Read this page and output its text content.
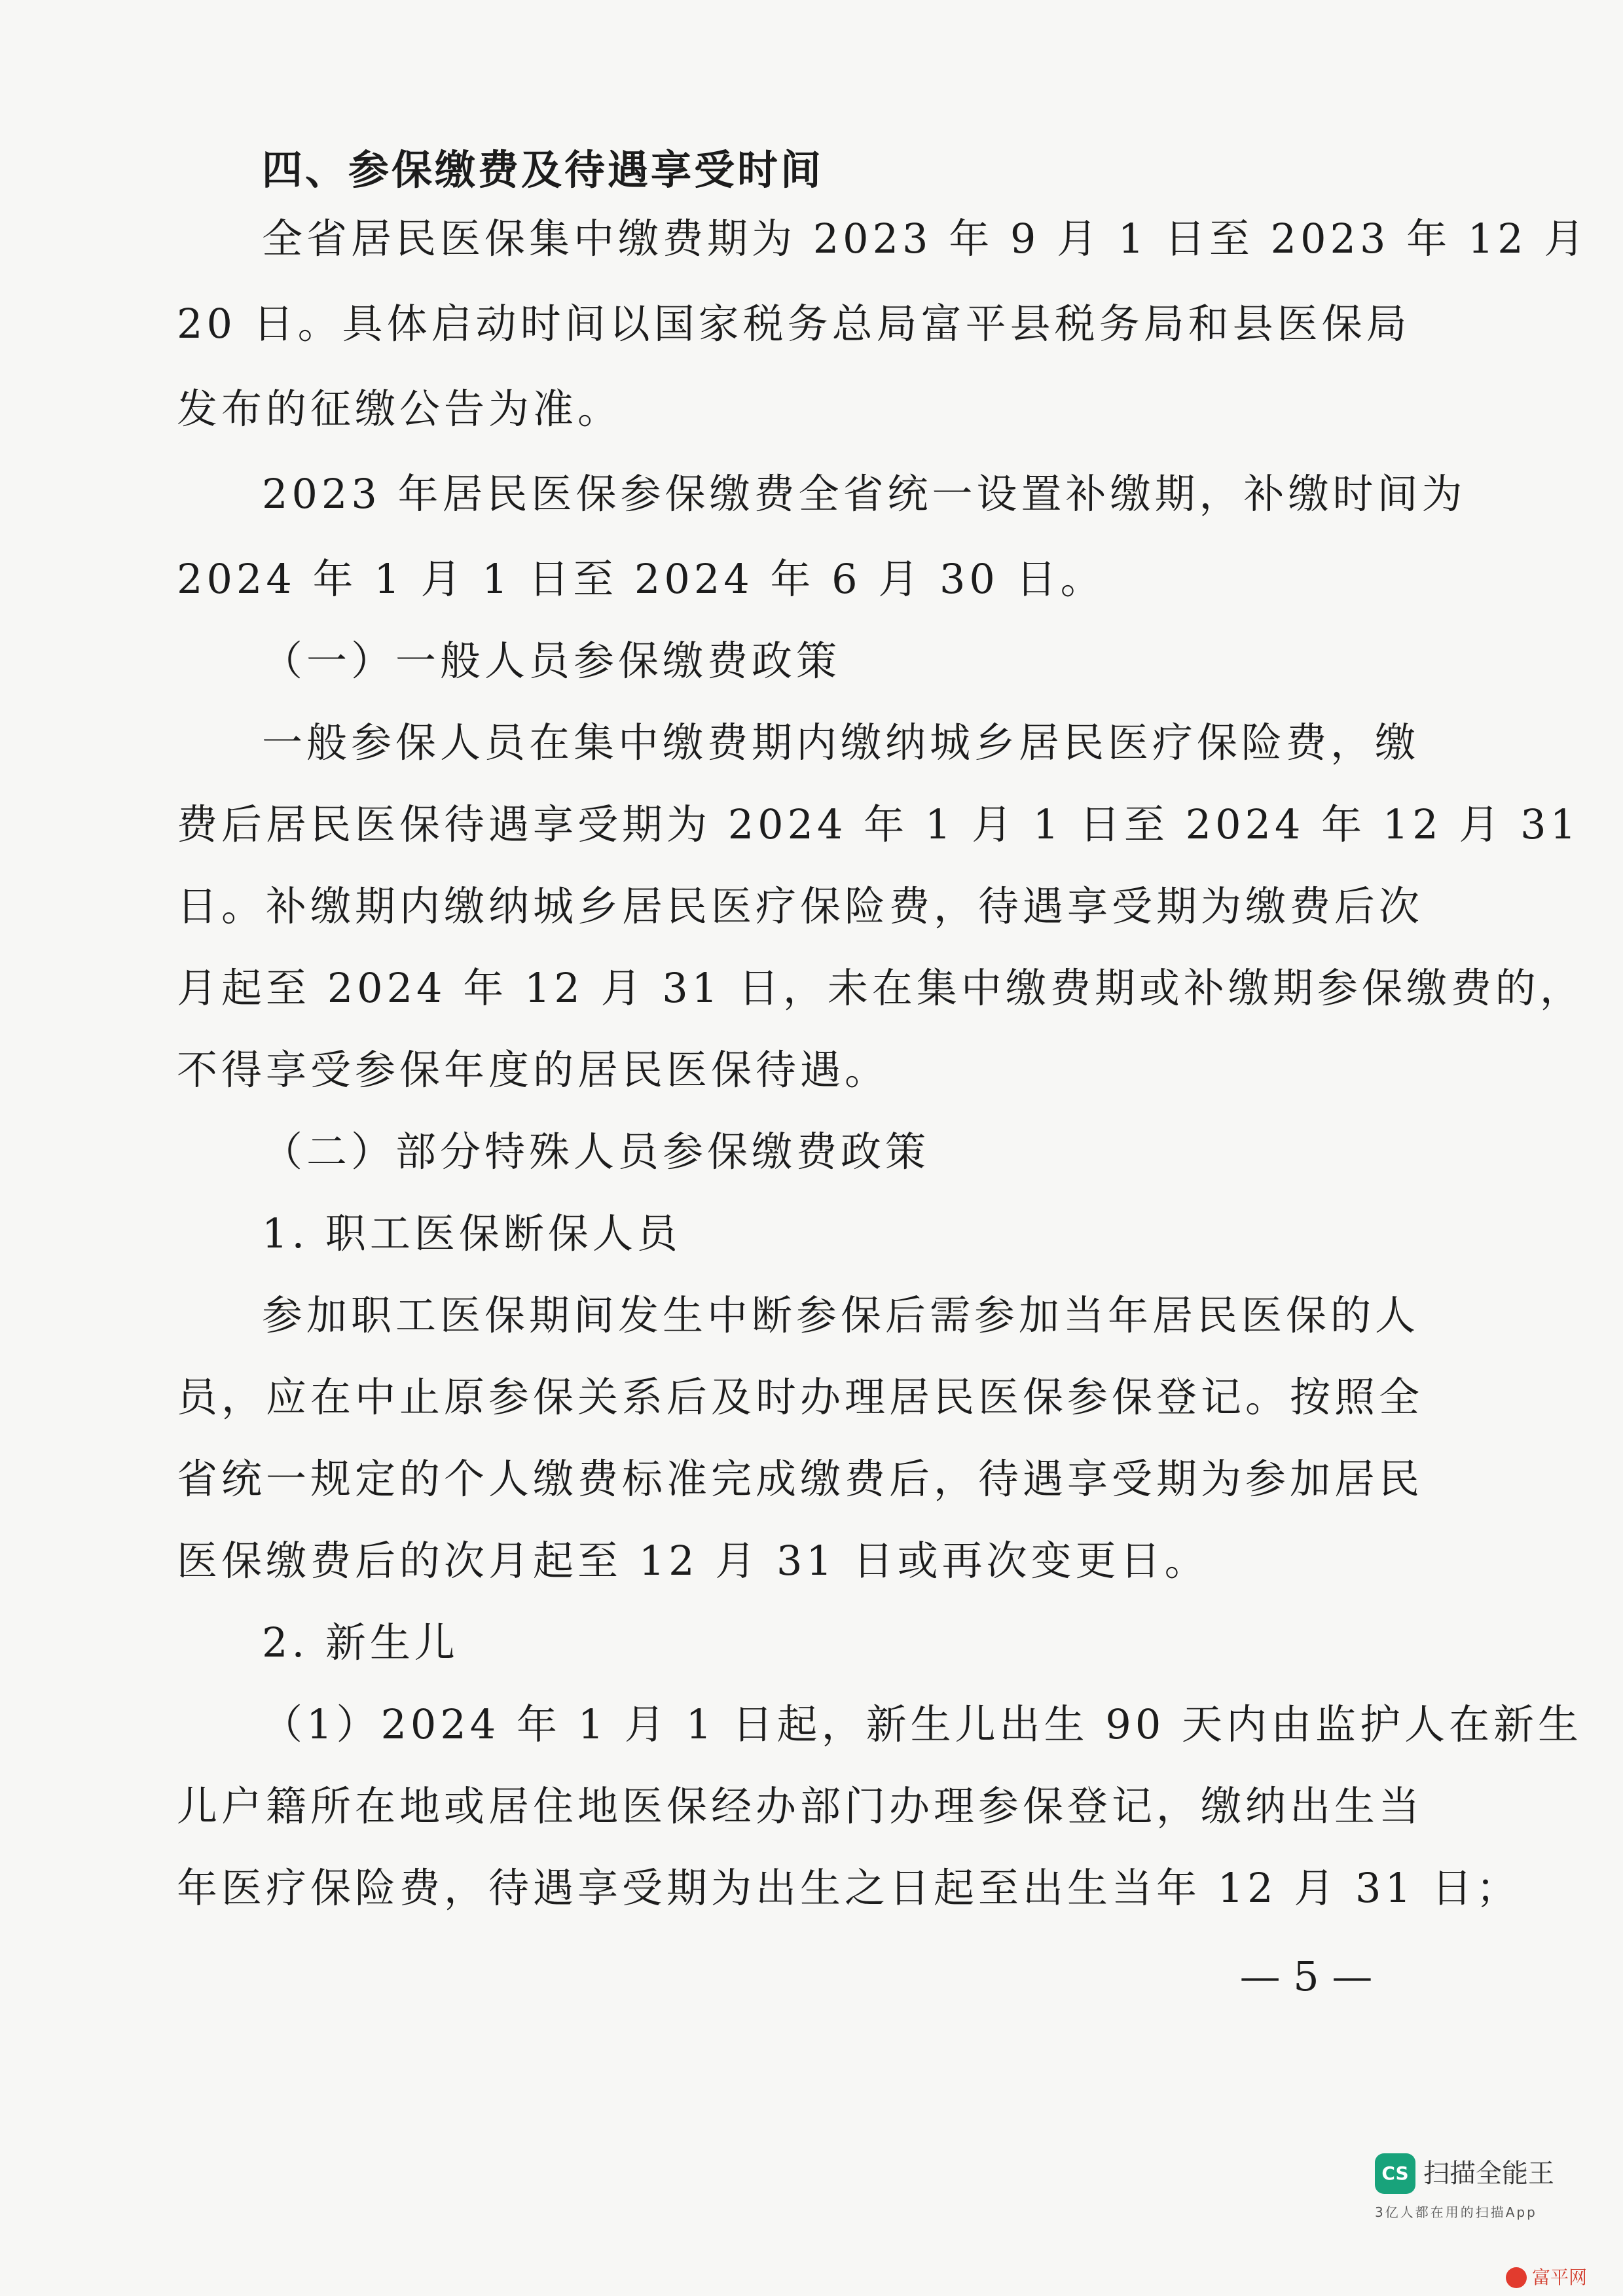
四、参保缴费及待遇享受时间
全省居民医保集中缴费期为 2023 年 9 月 1 日至 2023 年 12 月
20 日。具体启动时间以国家税务总局富平县税务局和县医保局
发布的征缴公告为准。
2023 年居民医保参保缴费全省统一设置补缴期，补缴时间为
2024 年 1 月 1 日至 2024 年 6 月 30 日。
（一）一般人员参保缴费政策
一般参保人员在集中缴费期内缴纳城乡居民医疗保险费，缴
费后居民医保待遇享受期为 2024 年 1 月 1 日至 2024 年 12 月 31
日。补缴期内缴纳城乡居民医疗保险费，待遇享受期为缴费后次
月起至 2024 年 12 月 31 日，未在集中缴费期或补缴期参保缴费的，
不得享受参保年度的居民医保待遇。
（二）部分特殊人员参保缴费政策
1. 职工医保断保人员
参加职工医保期间发生中断参保后需参加当年居民医保的人
员，应在中止原参保关系后及时办理居民医保参保登记。按照全
省统一规定的个人缴费标准完成缴费后，待遇享受期为参加居民
医保缴费后的次月起至 12 月 31 日或再次变更日。
2. 新生儿
（1）2024 年 1 月 1 日起，新生儿出生 90 天内由监护人在新生
儿户籍所在地或居住地医保经办部门办理参保登记，缴纳出生当
年医疗保险费，待遇享受期为出生之日起至出生当年 12 月 31 日；
— 5 —
CS 扫描全能王
3亿人都在用的扫描App
富平网
